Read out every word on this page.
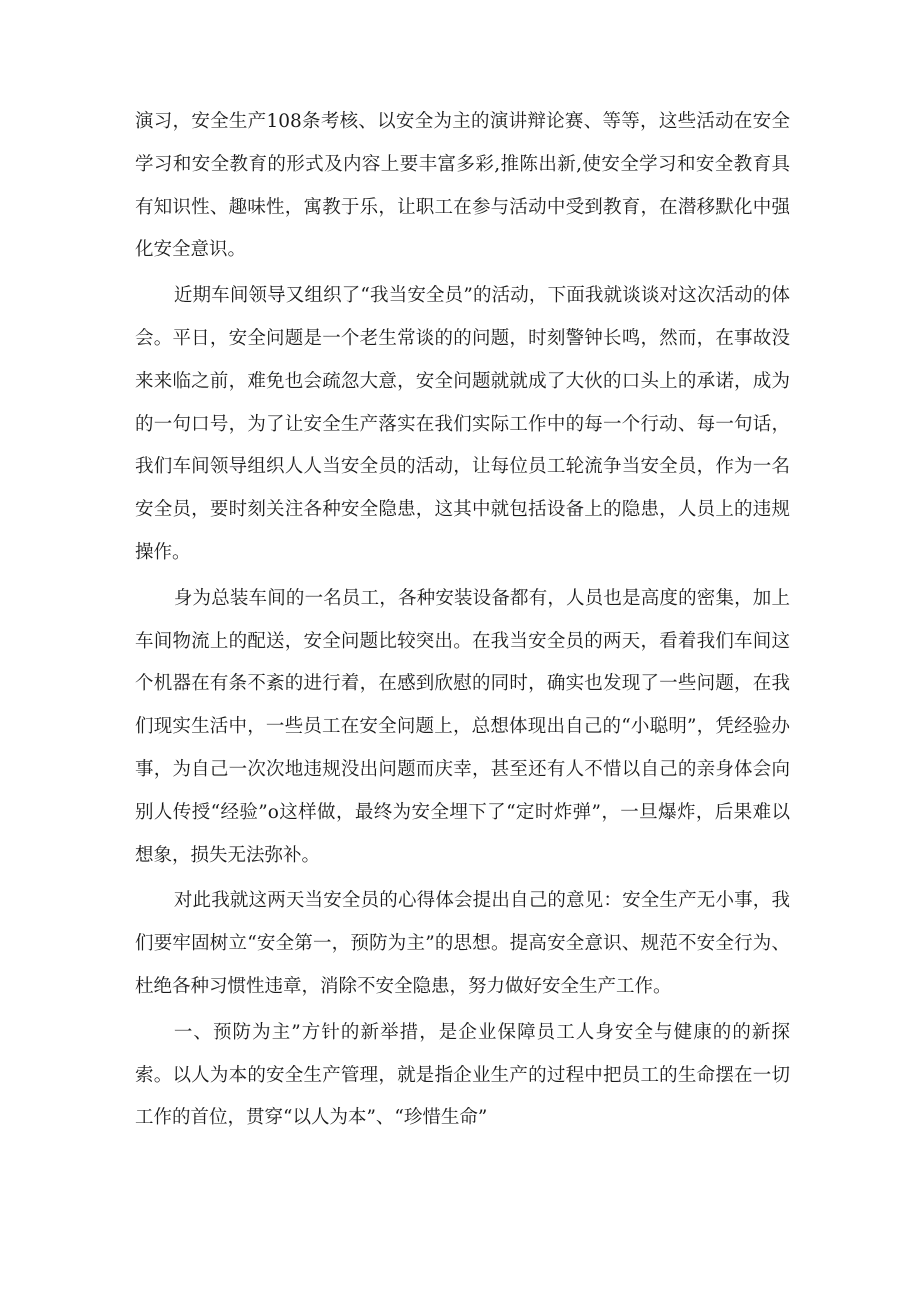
演习，安全生产108条考核、以安全为主的演讲辩论赛、等等，这些活动在安全学习和安全教育的形式及内容上要丰富多彩,推陈出新,使安全学习和安全教育具有知识性、趣味性，寓教于乐，让职工在参与活动中受到教育，在潜移默化中强化安全意识。

近期车间领导又组织了“我当安全员”的活动，下面我就谈谈对这次活动的体会。平日，安全问题是一个老生常谈的的问题，时刻警钟长鸣，然而，在事故没来来临之前，难免也会疏忽大意，安全问题就就成了大伙的口头上的承诺，成为的一句口号，为了让安全生产落实在我们实际工作中的每一个行动、每一句话，我们车间领导组织人人当安全员的活动，让每位员工轮流争当安全员，作为一名安全员，要时刻关注各种安全隐患，这其中就包括设备上的隐患，人员上的违规操作。

身为总装车间的一名员工，各种安装设备都有，人员也是高度的密集，加上车间物流上的配送，安全问题比较突出。在我当安全员的两天，看着我们车间这个机器在有条不紊的进行着，在感到欣慰的同时，确实也发现了一些问题，在我们现实生活中，一些员工在安全问题上，总想体现出自己的“小聪明”，凭经验办事，为自己一次次地违规没出问题而庆幸，甚至还有人不惜以自己的亲身体会向别人传授“经验”o这样做，最终为安全埋下了“定时炸弹”，一旦爆炸，后果难以想象，损失无法弥补。

对此我就这两天当安全员的心得体会提出自己的意见：安全生产无小事，我们要牢固树立“安全第一，预防为主”的思想。提高安全意识、规范不安全行为、杜绝各种习惯性违章，消除不安全隐患，努力做好安全生产工作。

一、预防为主”方针的新举措，是企业保障员工人身安全与健康的的新探索。以人为本的安全生产管理，就是指企业生产的过程中把员工的生命摆在一切工作的首位，贯穿“以人为本”、“珍惜生命”
